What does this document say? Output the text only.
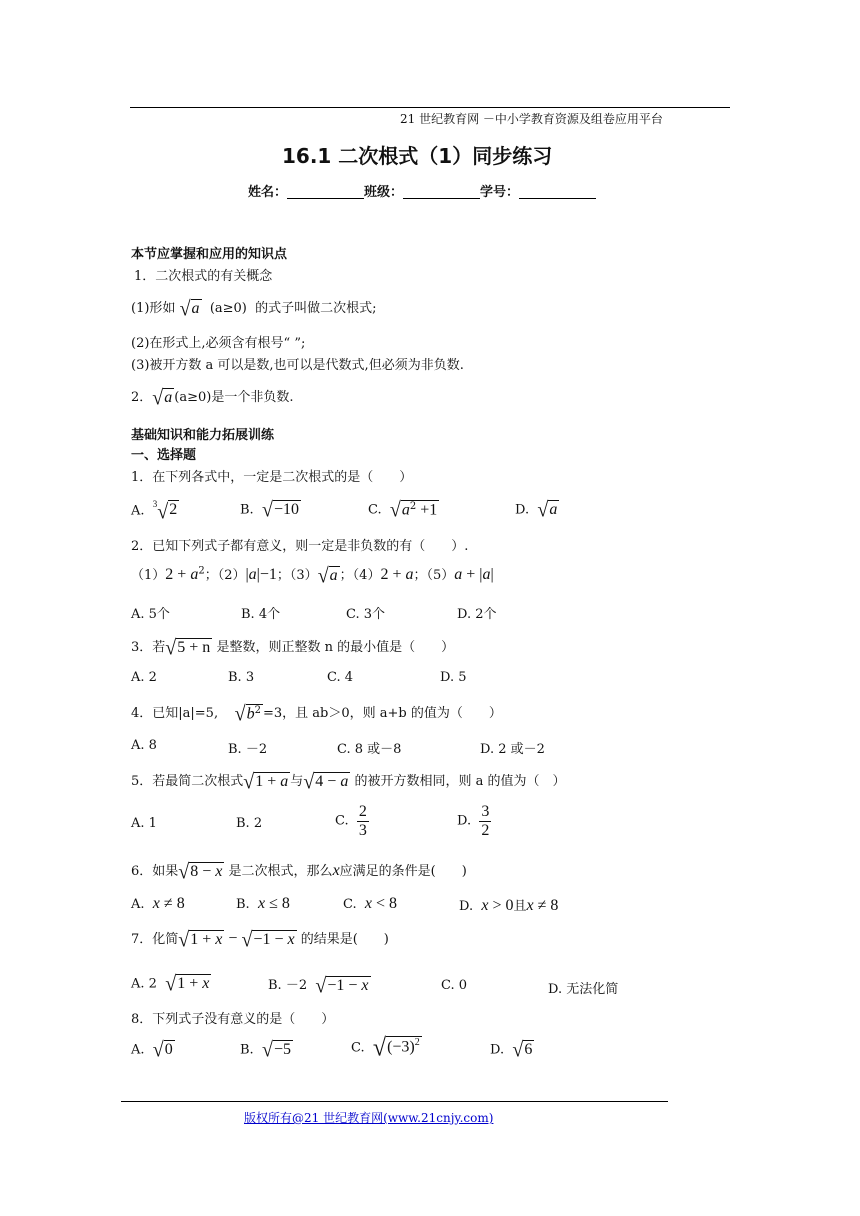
21 世纪教育网 －中小学教育资源及组卷应用平台
16.1 二次根式（1）同步练习
姓名：	班级：	学号：
本节应掌握和应用的知识点
1．二次根式的有关概念
(1)形如 √ a (a≥0) 的式子叫做二次根式;
(2)在形式上,必须含有根号“ ”;
(3)被开方数 a 可以是数,也可以是代数式,但必须为非负数.
2． √ a (a≥0)是一个非负数.
基础知识和能力拓展训练
一、选择题
1．在下列各式中，一定是二次根式的是（　　）
A. $^3$√ 2	B. √ −10	C. √ $a^2 +1$	D. √ a
2．已知下列式子都有意义，则一定是非负数的有（　　）.
$(1)2 + a^2$；（2）|a|−1；（3） √ a ；（4）2 + a；（5）a + |a|
A. 5个	B. 4个	C. 3个	D. 2个
3．若 √ 5 + n 是整数，则正整数 n 的最小值是（　　）
A. 2	B. 3	C. 4	D. 5
4．已知|a|=5, √ $b^2 =3$，且 ab＞0，则 a+b 的值为（　　）
A. 8	B. －2	C. 8 或－8	D. 2 或－2
5．若最简二次根式 √ 1 + a 与 √ 4 − a 的被开方数相同，则 a 的值为（　）
A. 1	B. 2	C. $\frac{2}{3}$	D. $\frac{3}{2}$
6．如果 √ 8 − x 是二次根式，那么x应满足的条件是(　　)
A. x ≠ 8	B. x ≤ 8	C. x < 8	D. x > 0且x ≠ 8
7．化简 √ 1 + x − √ −1 − x 的结果是(　　)
A. 2 √ 1 + x	B. －2 √ −1 − x	C. 0	D. 无法化简
8．下列式子没有意义的是（　　）
A. √ 0	B. √ −5	C. √ $(-3)^2$	D. √ 6
版权所有@21 世纪教育网(www.21cnjy.com)
